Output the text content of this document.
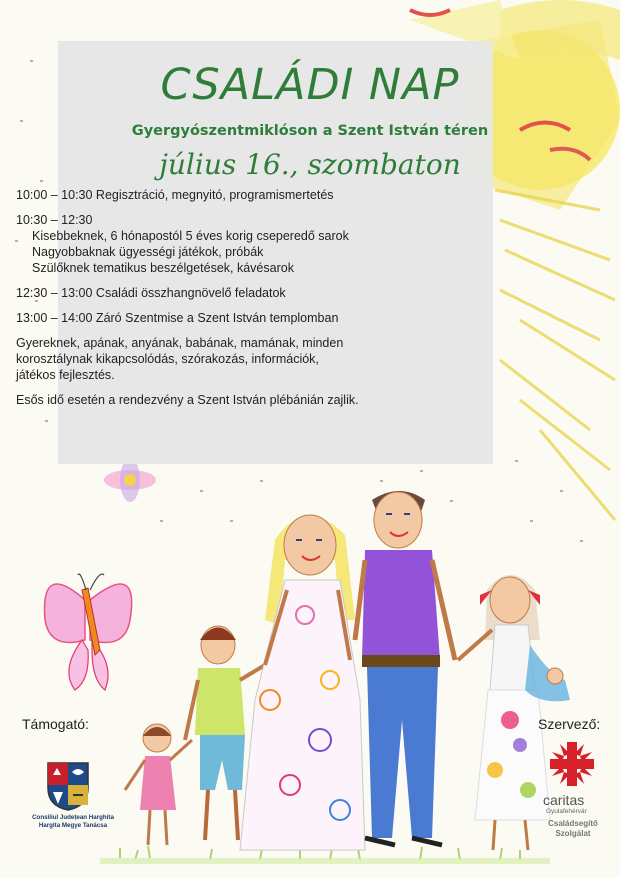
CSALÁDI NAP
Gyergyószentmiklóson a Szent István téren
július 16., szombaton
10:00 – 10:30 Regisztráció, megnyitó, programismertetés
10:30 – 12:30
Kisebbeknek, 6 hónapostól 5 éves korig cseperedő sarok
Nagyobbaknak ügyességi játékok, próbák
Szülőknek tematikus beszélgetések, kávésarok
12:30 – 13:00 Családi összhangnövelő feladatok
13:00 – 14:00 Záró Szentmise a Szent István templomban
Gyereknek, apának, anyának, babának, mamának, minden
korosztálynak kikapcsolódás, szórakozás, információk,
játékos fejlesztés.
Esős idő esetén a rendezvény a Szent István plébánián zajlik.
Támogató:
Consiliul Județean Harghita
Hargita Megye Tanácsa
Szervező:
caritas
Gyulafehérvár
Családsegítő
Szolgálat
